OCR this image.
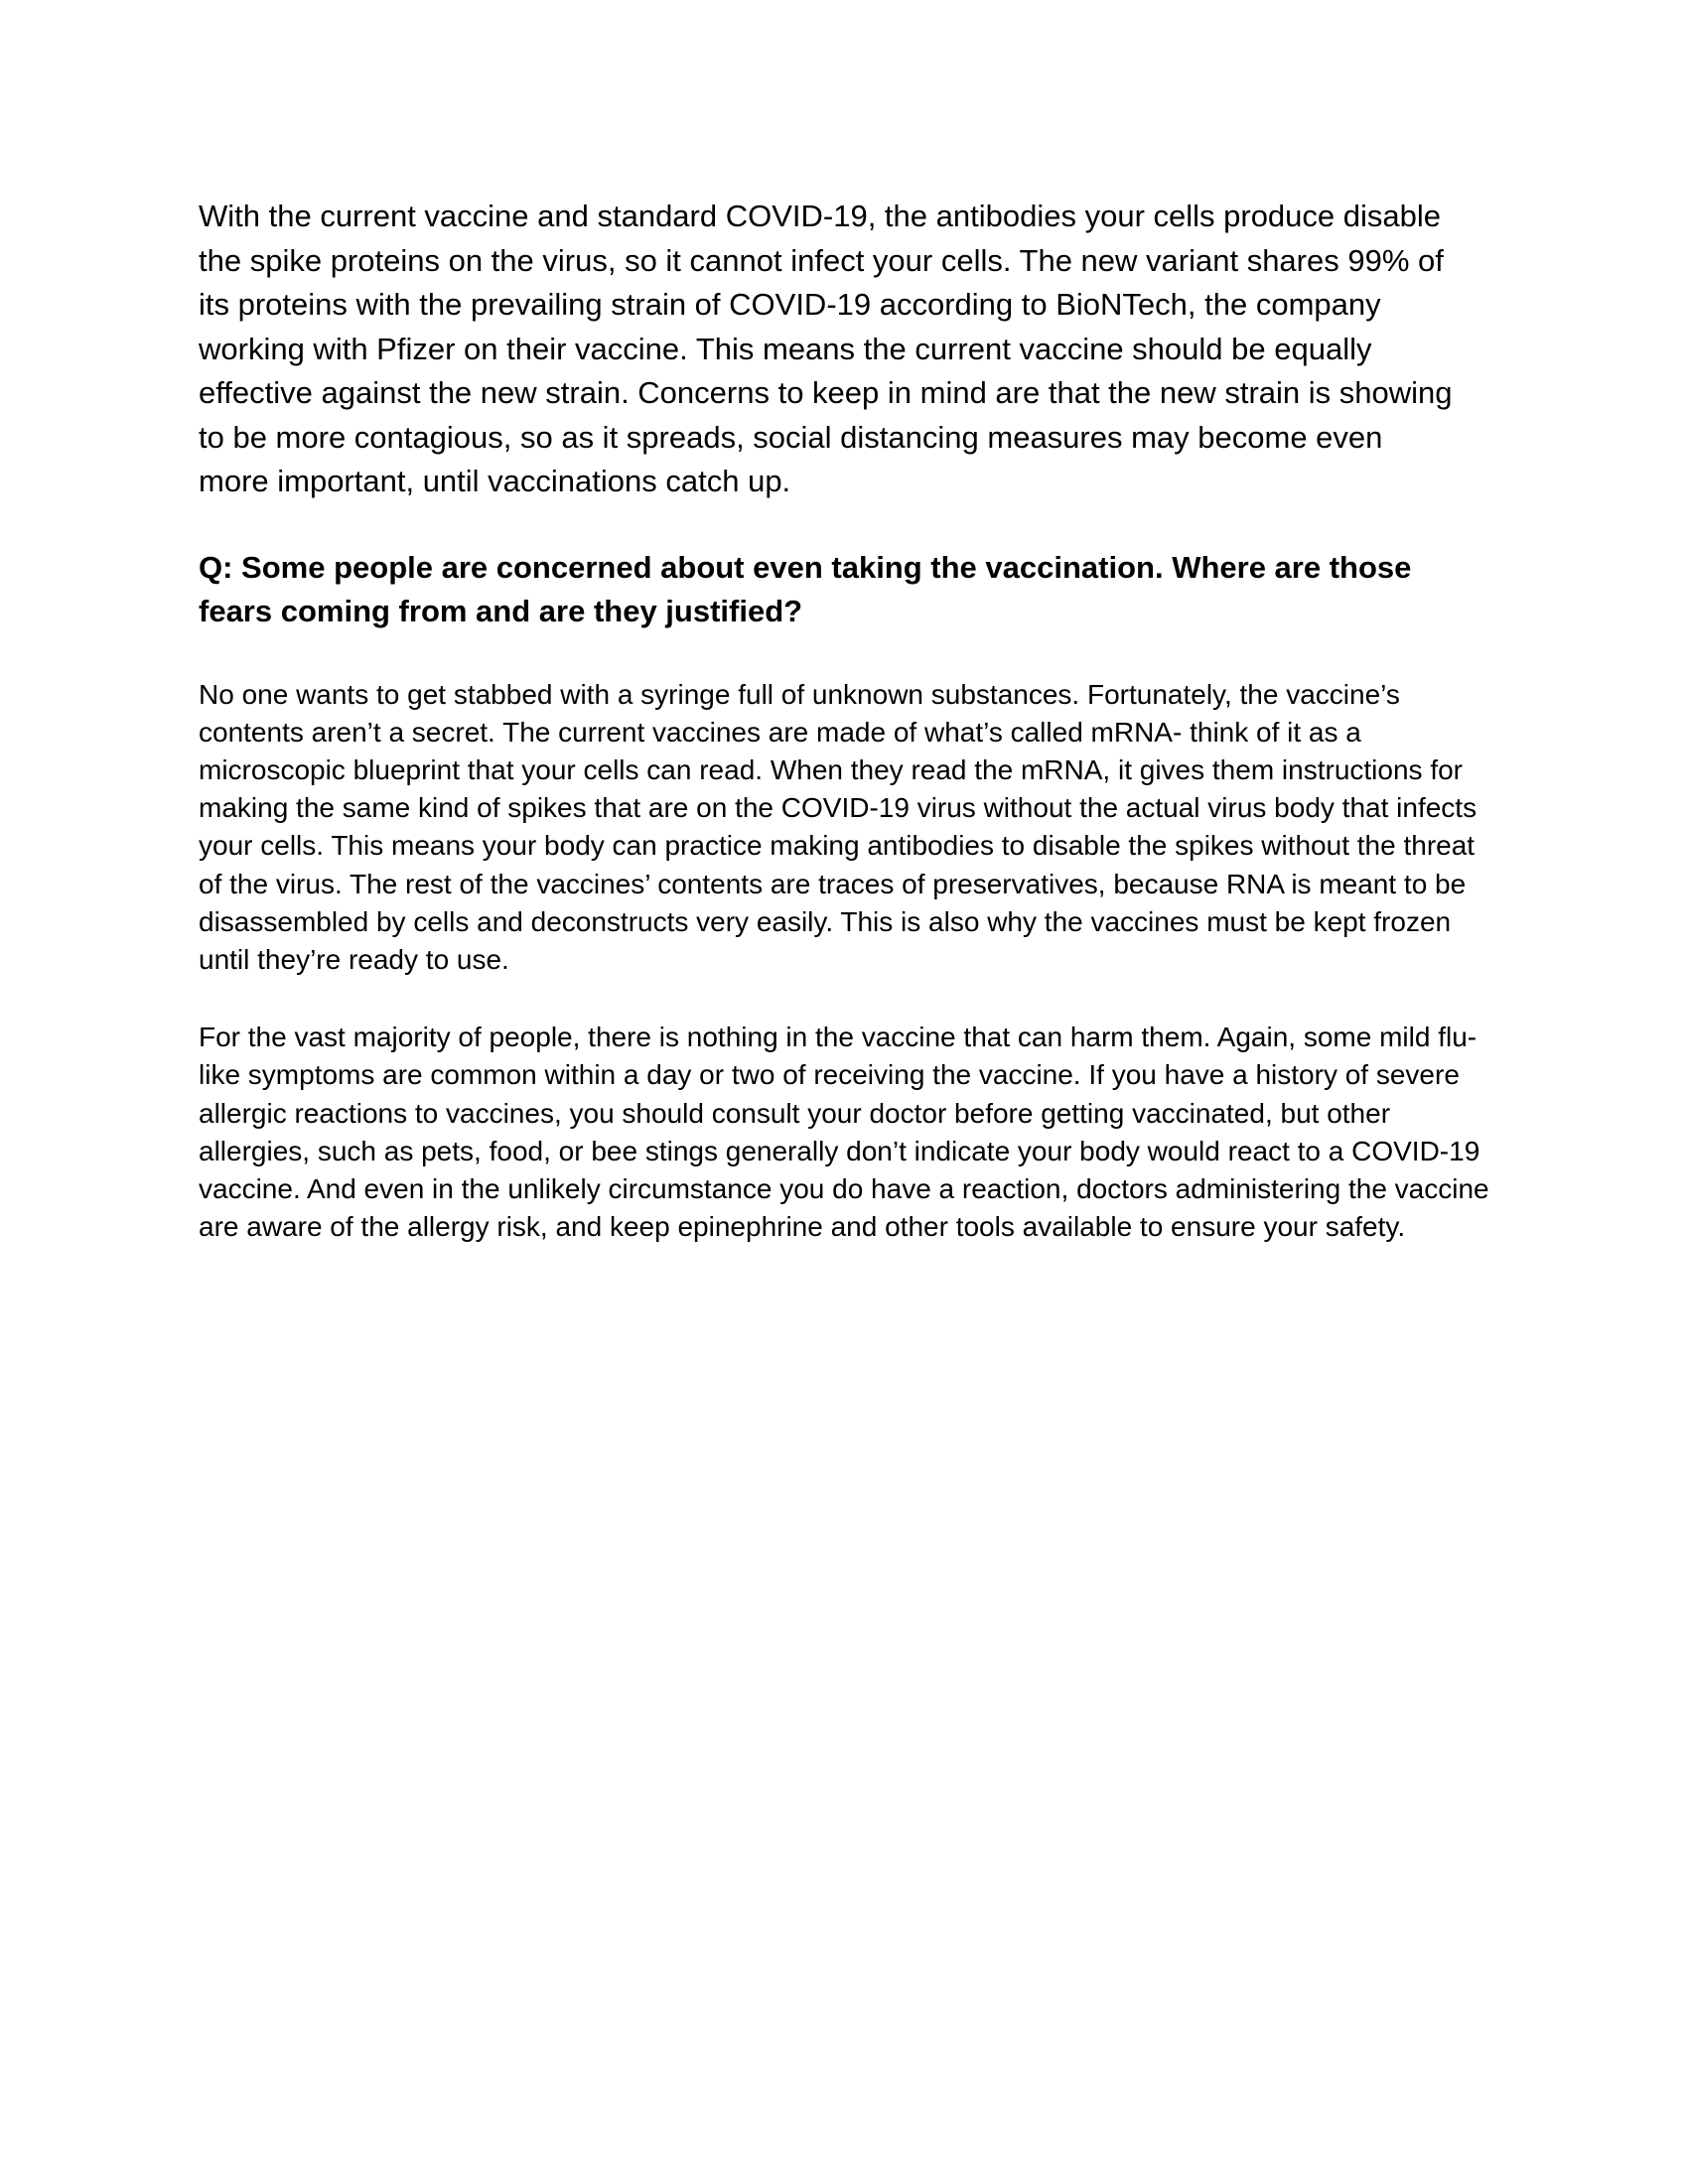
With the current vaccine and standard COVID-19, the antibodies your cells produce disable the spike proteins on the virus, so it cannot infect your cells. The new variant shares 99% of its proteins with the prevailing strain of COVID-19 according to BioNTech, the company working with Pfizer on their vaccine. This means the current vaccine should be equally effective against the new strain. Concerns to keep in mind are that the new strain is showing to be more contagious, so as it spreads, social distancing measures may become even more important, until vaccinations catch up.

Q: Some people are concerned about even taking the vaccination. Where are those fears coming from and are they justified?

No one wants to get stabbed with a syringe full of unknown substances. Fortunately, the vaccine’s contents aren’t a secret. The current vaccines are made of what’s called mRNA- think of it as a microscopic blueprint that your cells can read. When they read the mRNA, it gives them instructions for making the same kind of spikes that are on the COVID-19 virus without the actual virus body that infects your cells. This means your body can practice making antibodies to disable the spikes without the threat of the virus. The rest of the vaccines’ contents are traces of preservatives, because RNA is meant to be disassembled by cells and deconstructs very easily. This is also why the vaccines must be kept frozen until they’re ready to use.

For the vast majority of people, there is nothing in the vaccine that can harm them. Again, some mild flu-like symptoms are common within a day or two of receiving the vaccine. If you have a history of severe allergic reactions to vaccines, you should consult your doctor before getting vaccinated, but other allergies, such as pets, food, or bee stings generally don’t indicate your body would react to a COVID-19 vaccine. And even in the unlikely circumstance you do have a reaction, doctors administering the vaccine are aware of the allergy risk, and keep epinephrine and other tools available to ensure your safety.
